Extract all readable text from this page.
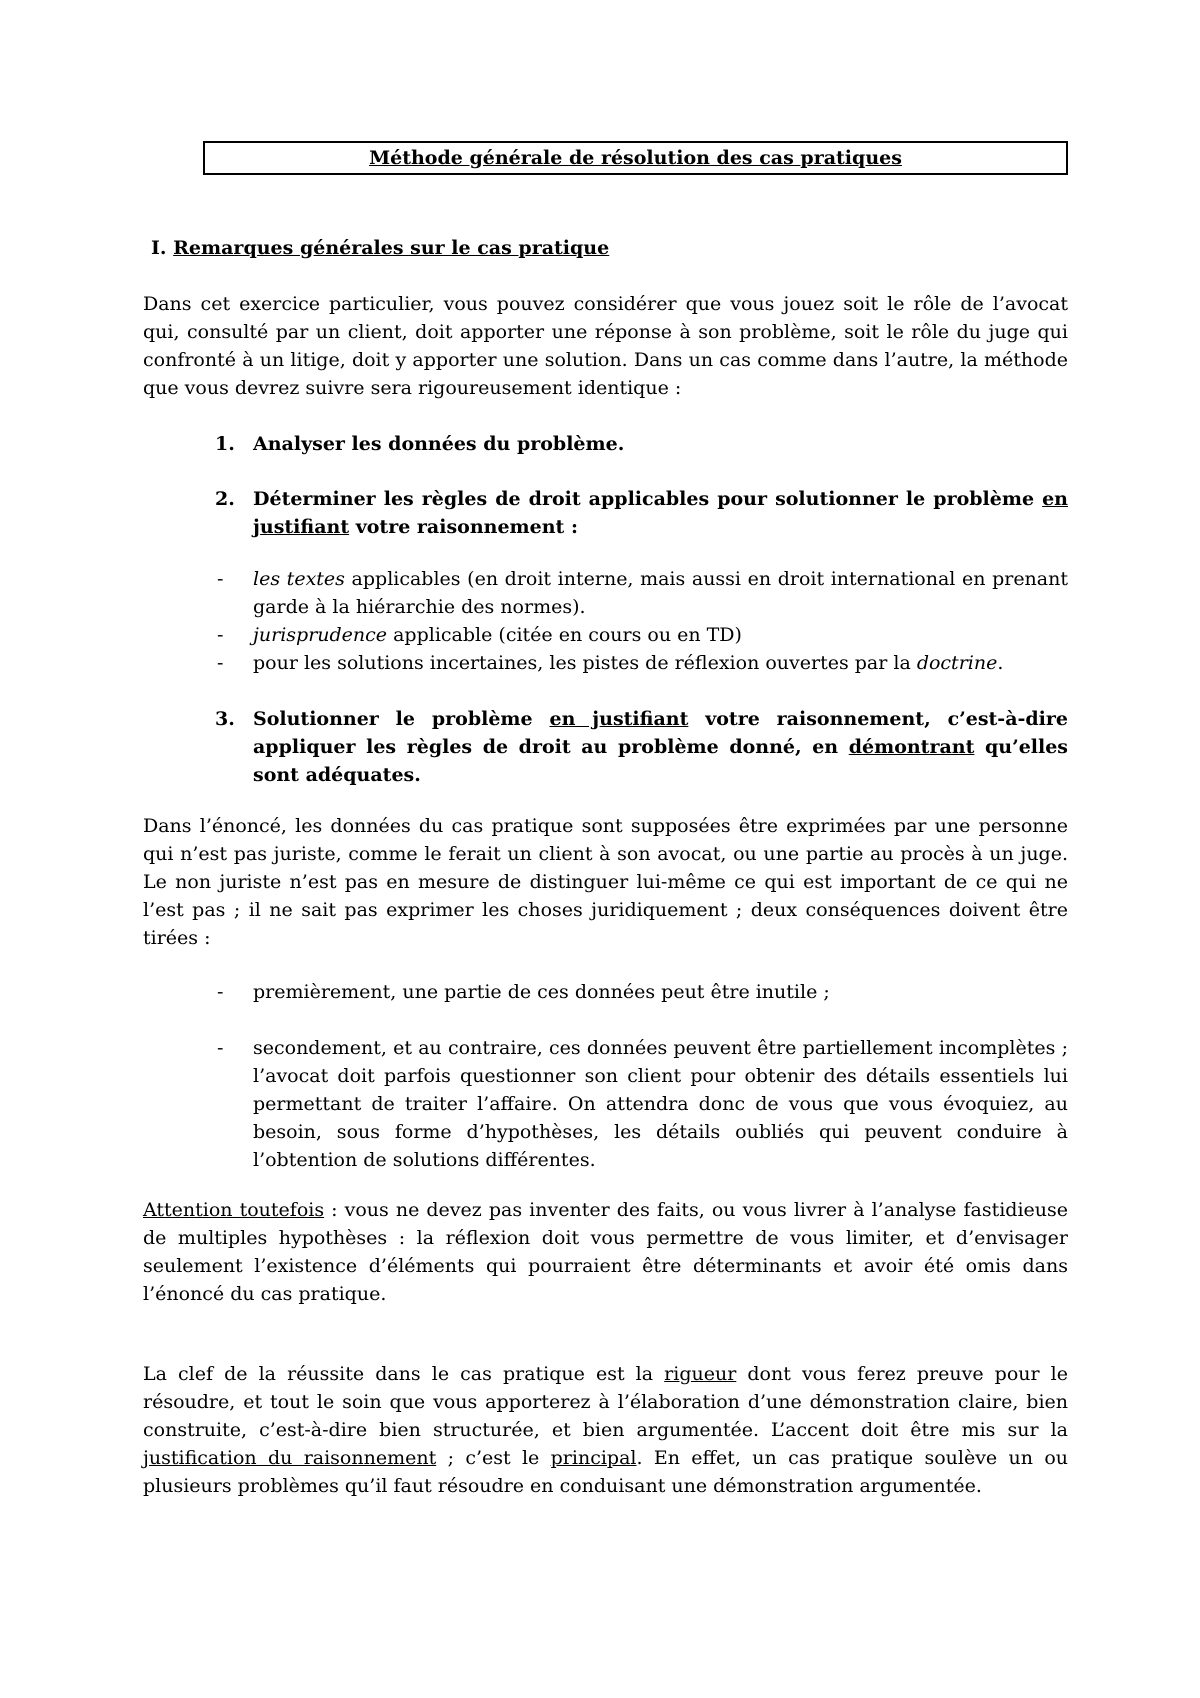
Méthode générale de résolution des cas pratiques
I. Remarques générales sur le cas pratique
Dans cet exercice particulier, vous pouvez considérer que vous jouez soit le rôle de l’avocat qui, consulté par un client, doit apporter une réponse à son problème, soit le rôle du juge qui confronté à un litige, doit y apporter une solution. Dans un cas comme dans l’autre, la méthode que vous devrez suivre sera rigoureusement identique :
1. Analyser les données du problème.
2. Déterminer les règles de droit applicables pour solutionner le problème en justifiant votre raisonnement :
- les textes applicables (en droit interne, mais aussi en droit international en prenant garde à la hiérarchie des normes).
- jurisprudence applicable (citée en cours ou en TD)
- pour les solutions incertaines, les pistes de réflexion ouvertes par la doctrine.
3. Solutionner le problème en justifiant votre raisonnement, c’est-à-dire appliquer les règles de droit au problème donné, en démontrant qu’elles sont adéquates.
Dans l’énoncé, les données du cas pratique sont supposées être exprimées par une personne qui n’est pas juriste, comme le ferait un client à son avocat, ou une partie au procès à un juge. Le non juriste n’est pas en mesure de distinguer lui-même ce qui est important de ce qui ne l’est pas ; il ne sait pas exprimer les choses juridiquement ; deux conséquences doivent être tirées :
- premièrement, une partie de ces données peut être inutile ;
- secondement, et au contraire, ces données peuvent être partiellement incomplètes ; l’avocat doit parfois questionner son client pour obtenir des détails essentiels lui permettant de traiter l’affaire. On attendra donc de vous que vous évoquiez, au besoin, sous forme d’hypothèses, les détails oubliés qui peuvent conduire à l’obtention de solutions différentes.
Attention toutefois : vous ne devez pas inventer des faits, ou vous livrer à l’analyse fastidieuse de multiples hypothèses : la réflexion doit vous permettre de vous limiter, et d’envisager seulement l’existence d’éléments qui pourraient être déterminants et avoir été omis dans l’énoncé du cas pratique.
La clef de la réussite dans le cas pratique est la rigueur dont vous ferez preuve pour le résoudre, et tout le soin que vous apporterez à l’élaboration d’une démonstration claire, bien construite, c’est-à-dire bien structurée, et bien argumentée. L’accent doit être mis sur la justification du raisonnement ; c’est le principal. En effet, un cas pratique soulève un ou plusieurs problèmes qu’il faut résoudre en conduisant une démonstration argumentée.
